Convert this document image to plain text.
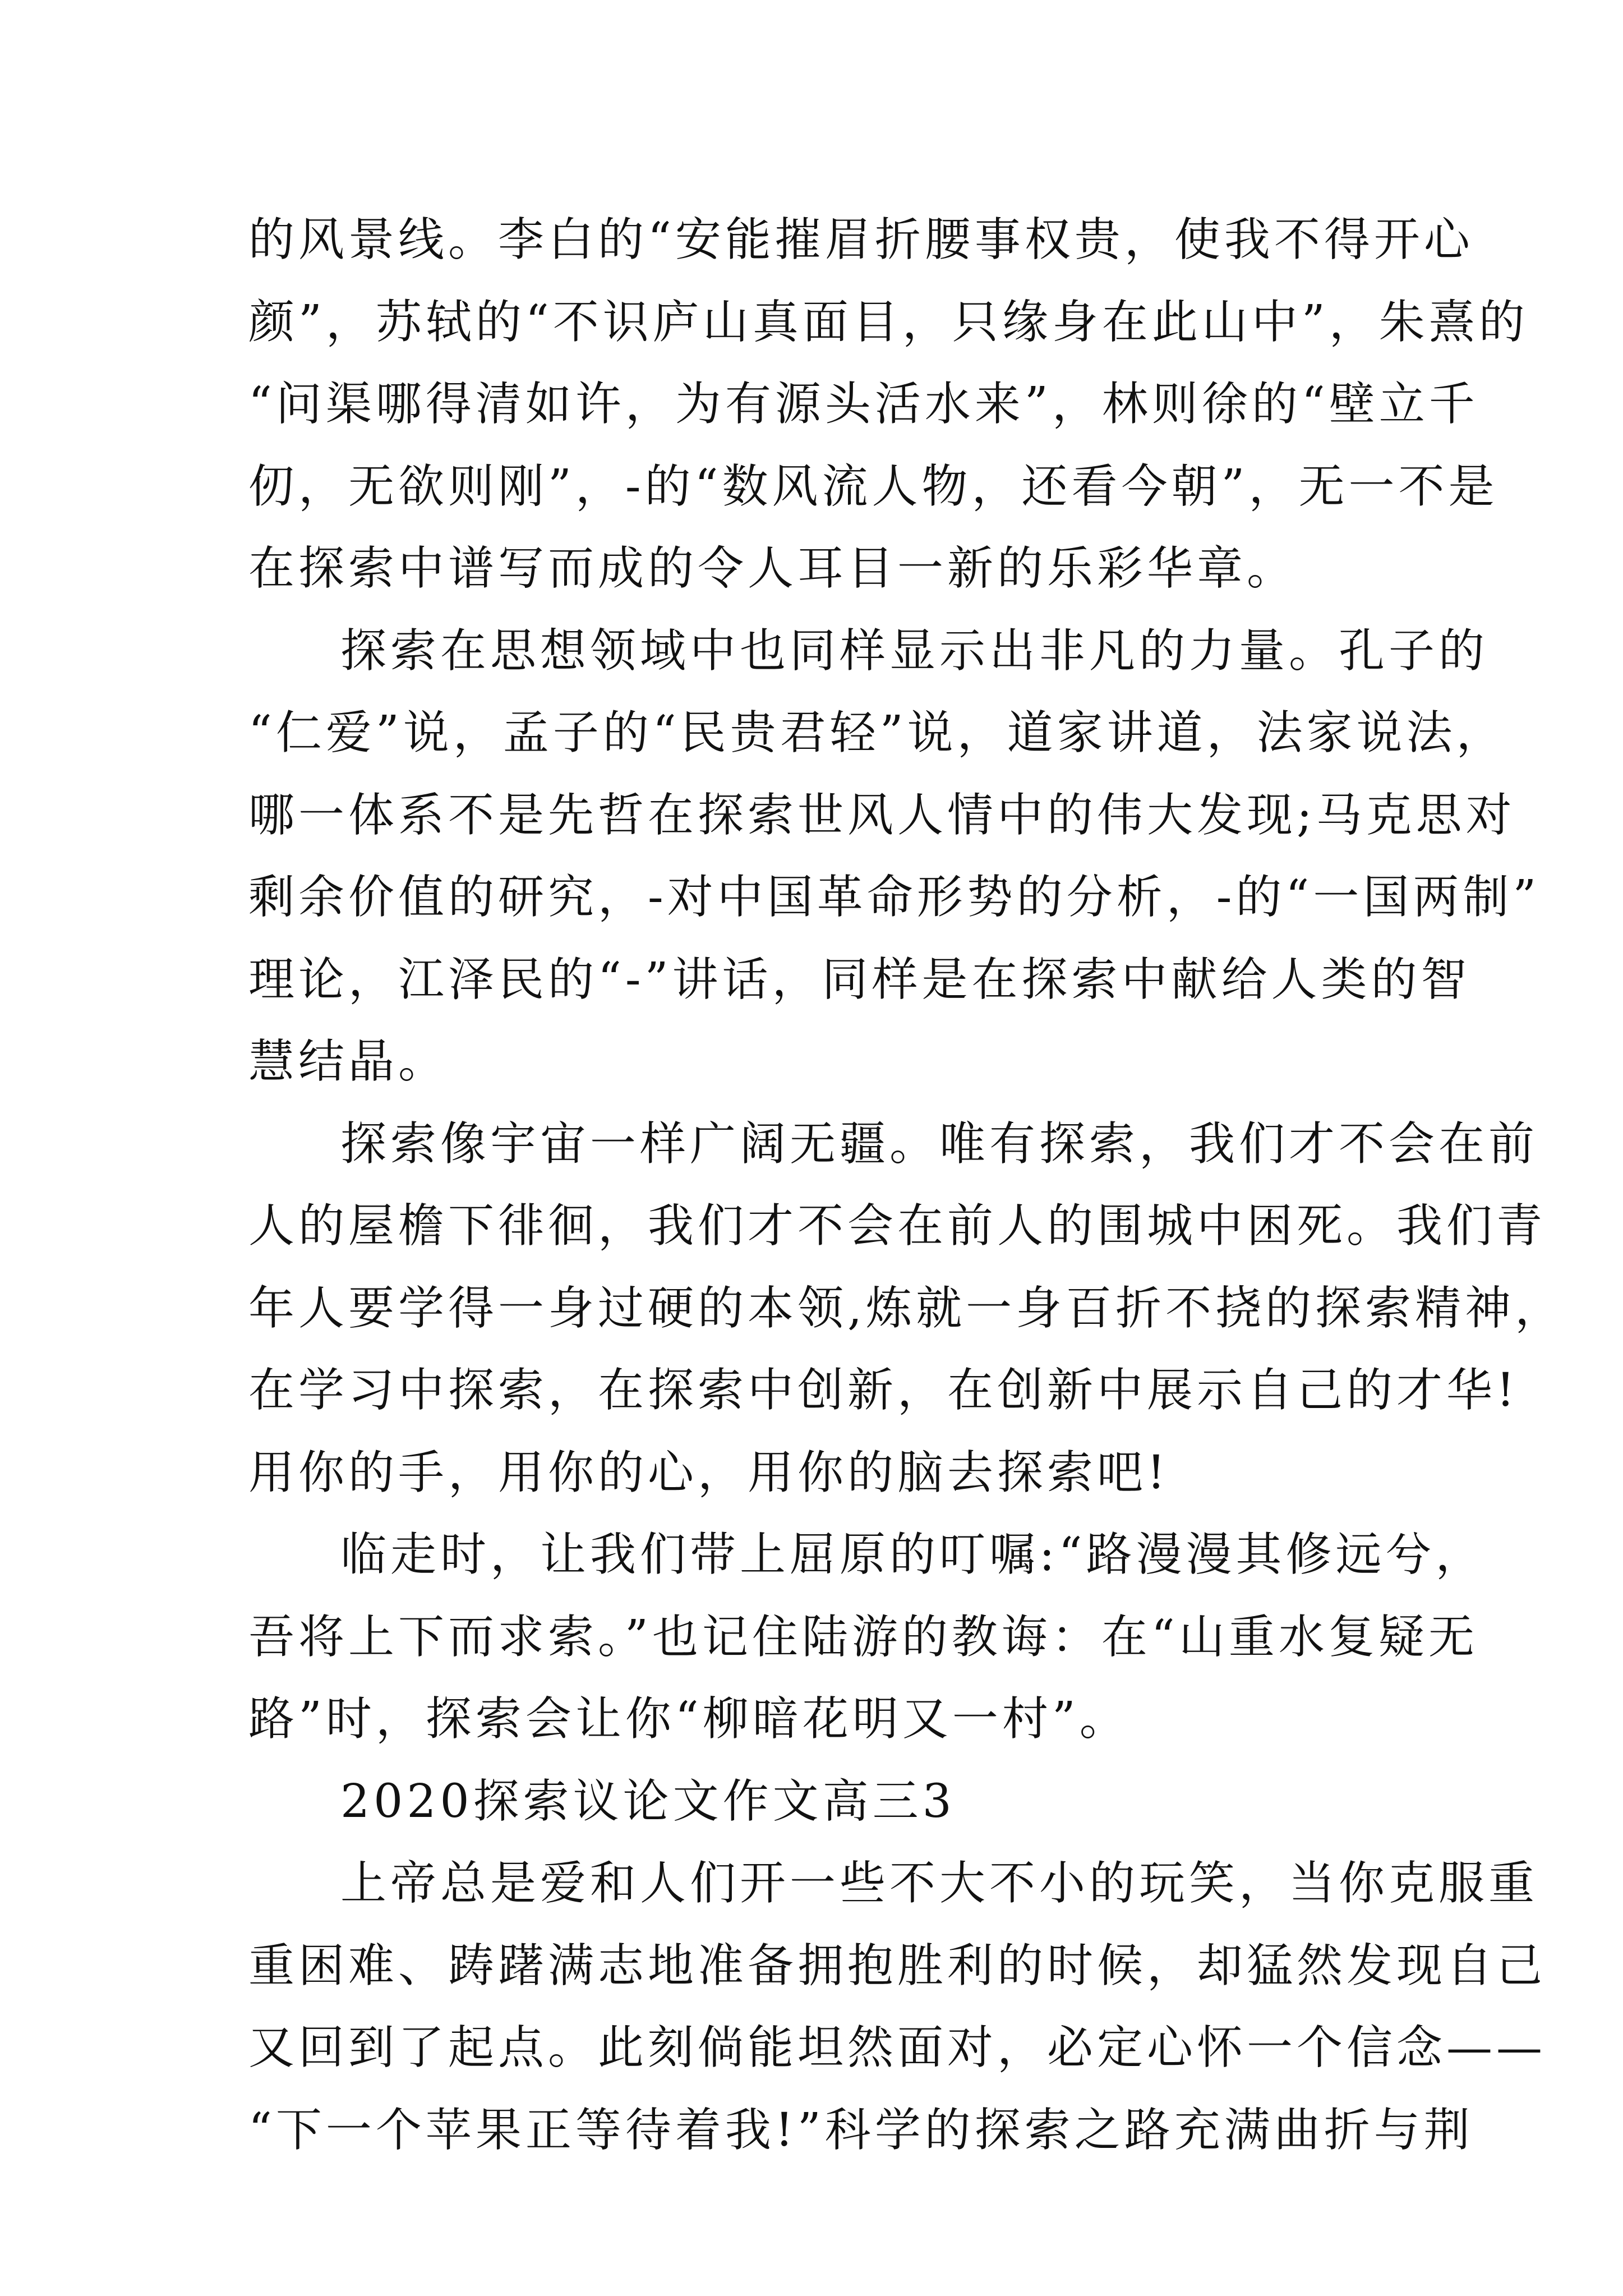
的风景线。李白的“安能摧眉折腰事权贵，使我不得开心
颜”，苏轼的“不识庐山真面目，只缘身在此山中”，朱熹的
“问渠哪得清如许，为有源头活水来”，林则徐的“壁立千
仞，无欲则刚”，-的“数风流人物，还看今朝”，无一不是
在探索中谱写而成的令人耳目一新的乐彩华章。
探索在思想领域中也同样显示出非凡的力量。孔子的
“仁爱”说，孟子的“民贵君轻”说，道家讲道，法家说法，
哪一体系不是先哲在探索世风人情中的伟大发现;马克思对
剩余价值的研究，-对中国革命形势的分析，-的“一国两制”
理论，江泽民的“-”讲话，同样是在探索中献给人类的智
慧结晶。
探索像宇宙一样广阔无疆。唯有探索，我们才不会在前
人的屋檐下徘徊，我们才不会在前人的围城中困死。我们青
年人要学得一身过硬的本领,炼就一身百折不挠的探索精神，
在学习中探索，在探索中创新，在创新中展示自己的才华!
用你的手，用你的心，用你的脑去探索吧!
临走时，让我们带上屈原的叮嘱:“路漫漫其修远兮，
吾将上下而求索。”也记住陆游的教诲：在“山重水复疑无
路”时，探索会让你“柳暗花明又一村”。
2020探索议论文作文高三3
上帝总是爱和人们开一些不大不小的玩笑，当你克服重
重困难、踌躇满志地准备拥抱胜利的时候，却猛然发现自己
又回到了起点。此刻倘能坦然面对，必定心怀一个信念——
“下一个苹果正等待着我!”科学的探索之路充满曲折与荆
